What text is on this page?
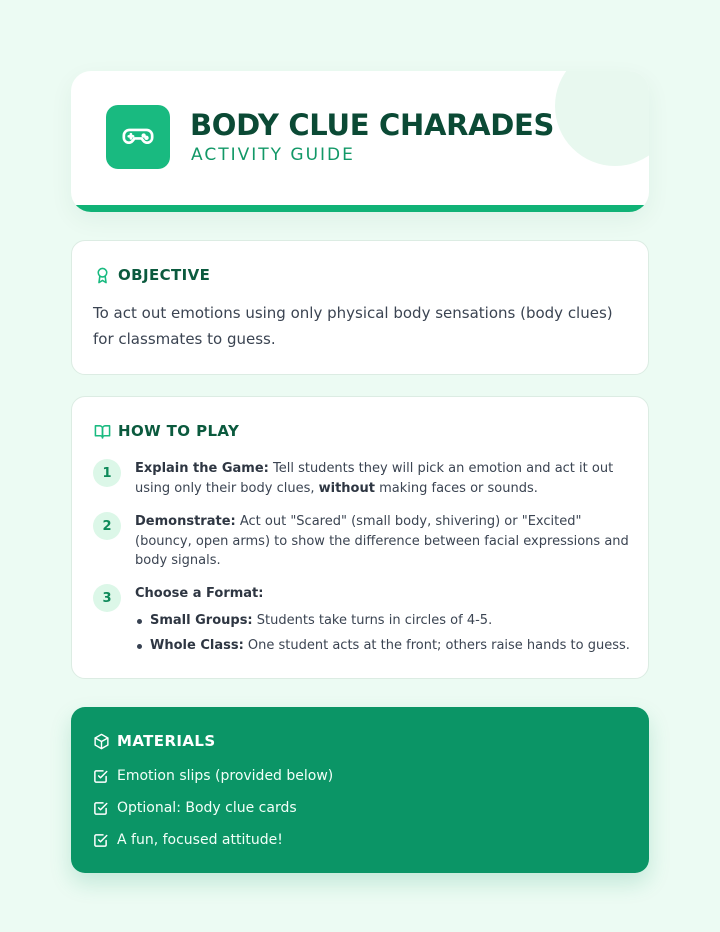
BODY CLUE CHARADES
ACTIVITY GUIDE
OBJECTIVE
To act out emotions using only physical body sensations (body clues) for classmates to guess.
HOW TO PLAY
1	Explain the Game: Tell students they will pick an emotion and act it out using only their body clues, without making faces or sounds.
2	Demonstrate: Act out "Scared" (small body, shivering) or "Excited" (bouncy, open arms) to show the difference between facial expressions and body signals.
3	Choose a Format:
Small Groups: Students take turns in circles of 4-5.
Whole Class: One student acts at the front; others raise hands to guess.
MATERIALS
Emotion slips (provided below)
Optional: Body clue cards
A fun, focused attitude!
